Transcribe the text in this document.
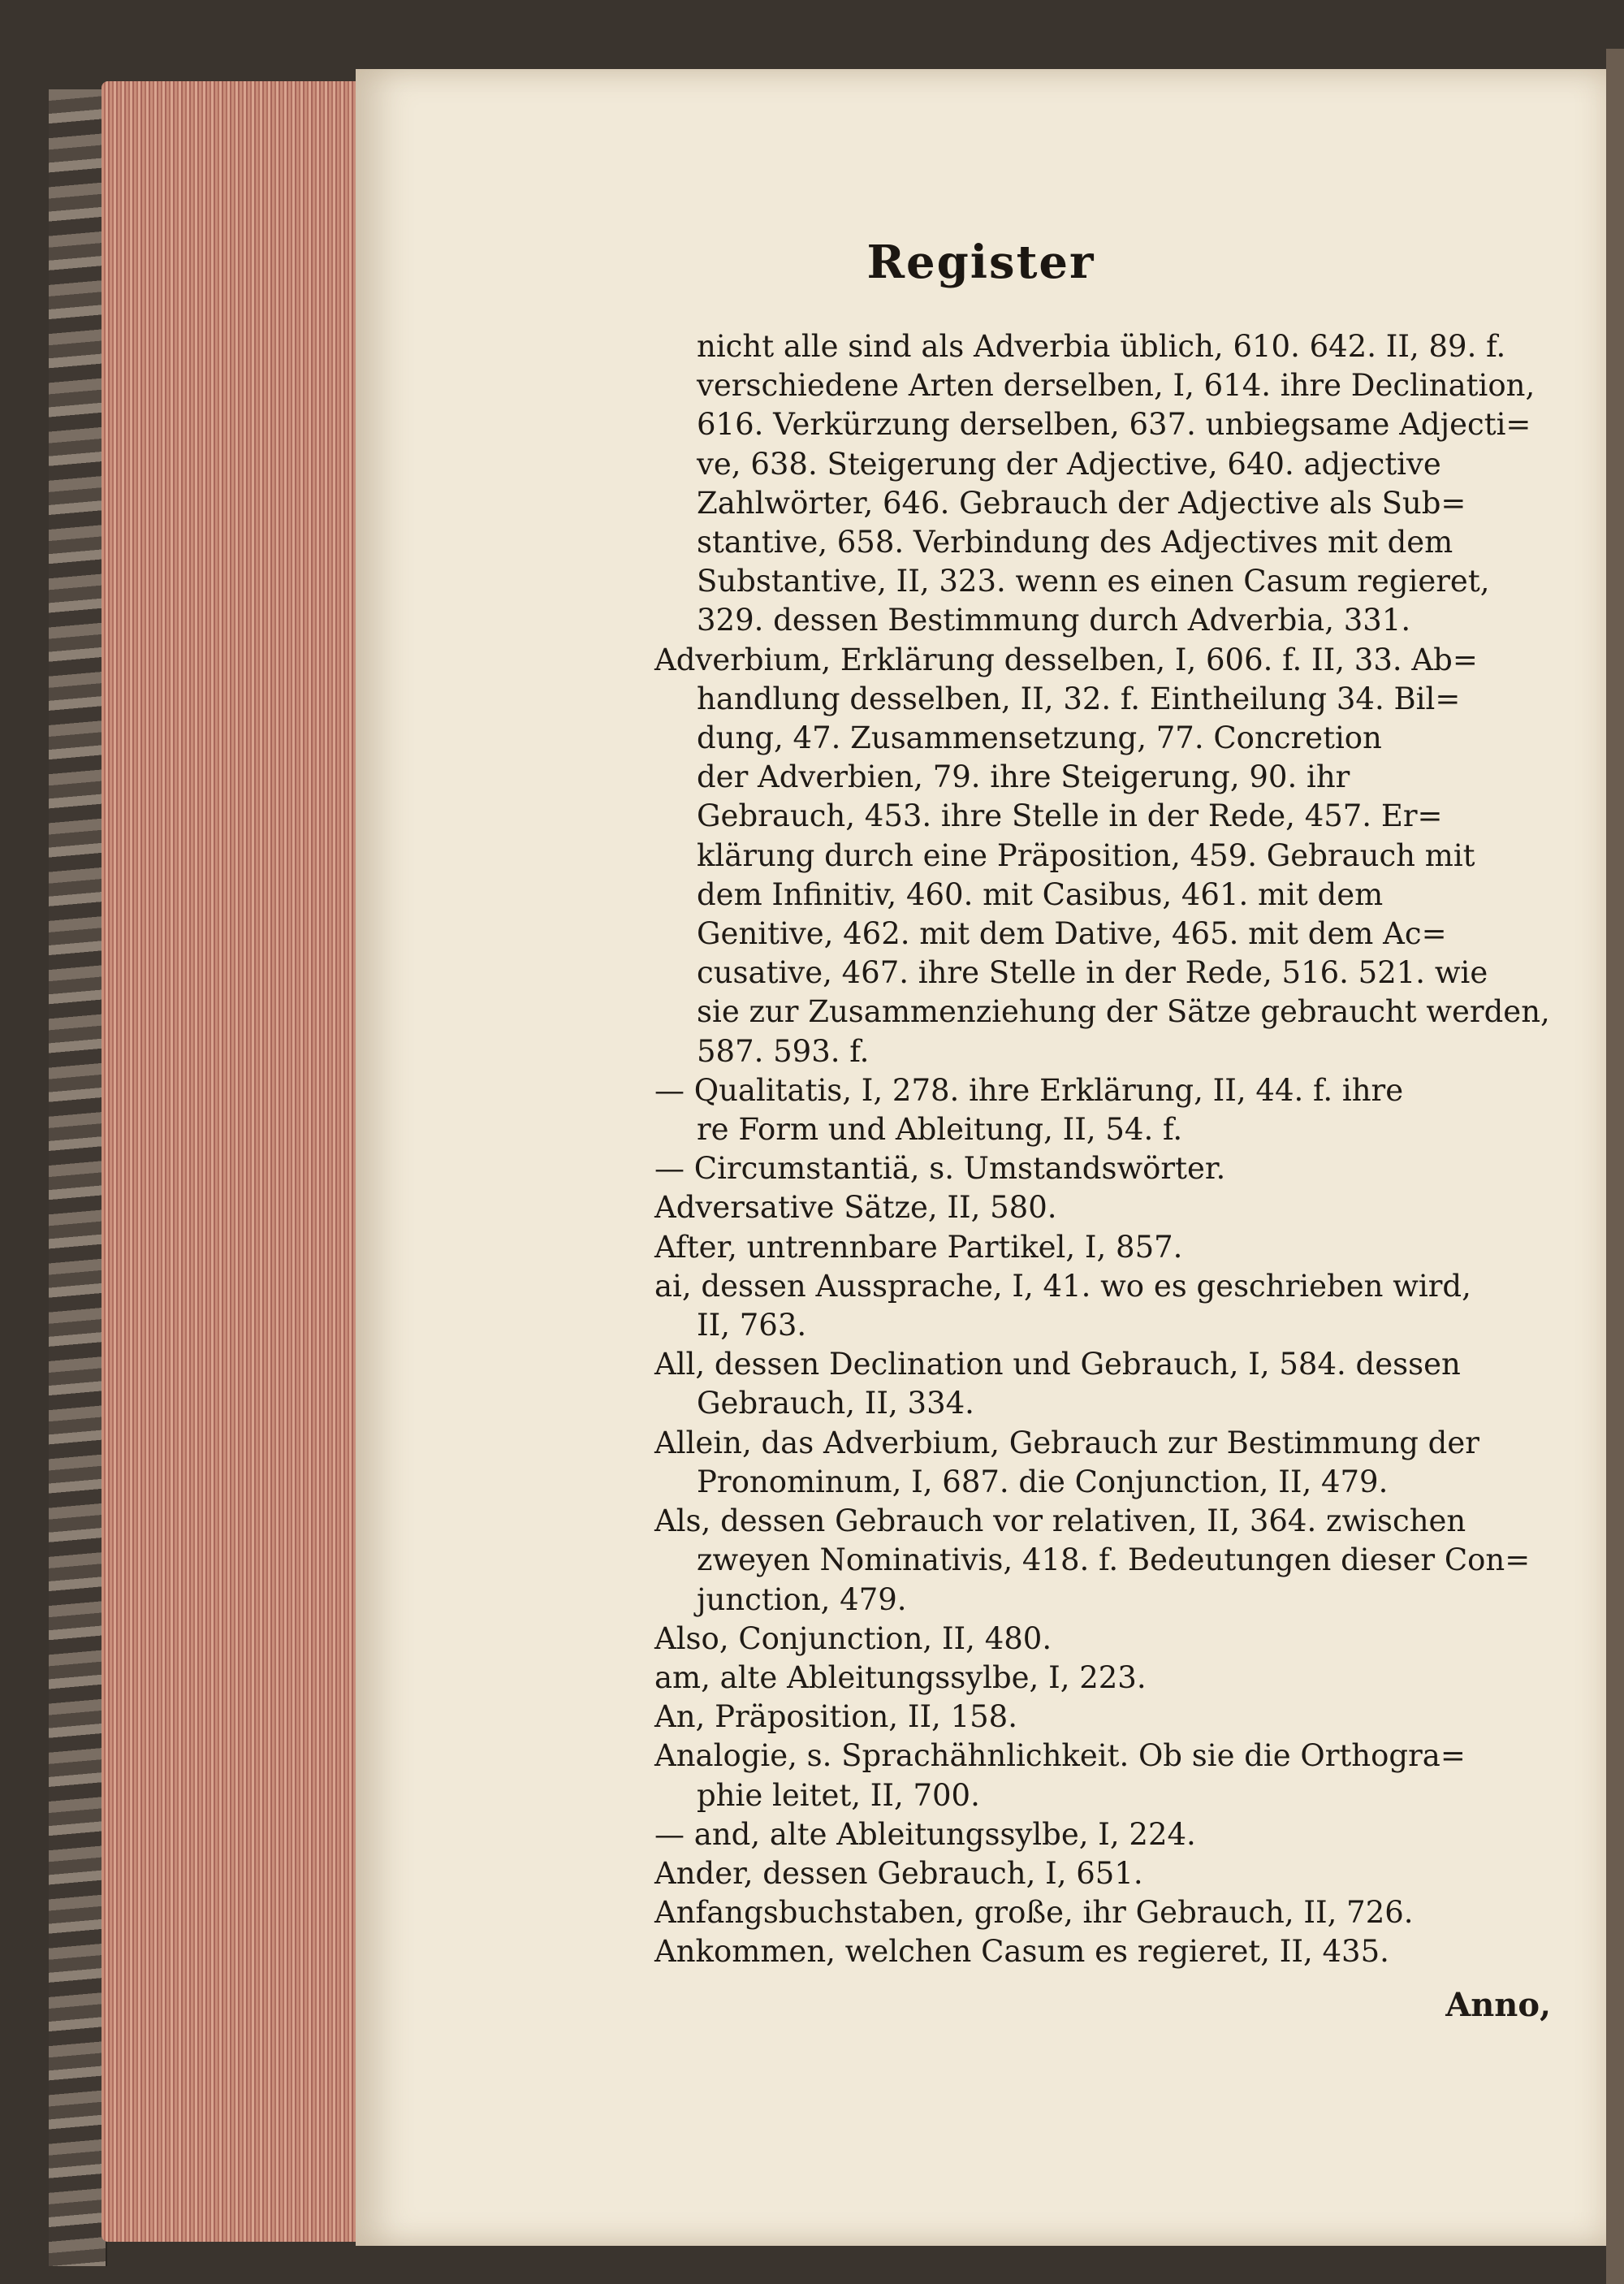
Register
nicht alle sind als Adverbia üblich, 610. 642. II, 89. f.
verschiedene Arten derselben, I, 614. ihre Declination,
616. Verkürzung derselben, 637. unbiegsame Adjecti=
ve, 638. Steigerung der Adjective, 640. adjective
Zahlwörter, 646. Gebrauch der Adjective als Sub=
stantive, 658. Verbindung des Adjectives mit dem
Substantive, II, 323. wenn es einen Casum regieret,
329. dessen Bestimmung durch Adverbia, 331.
Adverbium, Erklärung desselben, I, 606. f. II, 33. Ab=
handlung desselben, II, 32. f. Eintheilung 34. Bil=
dung, 47. Zusammensetzung, 77. Concretion
der Adverbien, 79. ihre Steigerung, 90. ihr
Gebrauch, 453. ihre Stelle in der Rede, 457. Er=
klärung durch eine Präposition, 459. Gebrauch mit
dem Infinitiv, 460. mit Casibus, 461. mit dem
Genitive, 462. mit dem Dative, 465. mit dem Ac=
cusative, 467. ihre Stelle in der Rede, 516. 521. wie
sie zur Zusammenziehung der Sätze gebraucht werden,
587. 593. f.
— Qualitatis, I, 278. ihre Erklärung, II, 44. f. ihre
re Form und Ableitung, II, 54. f.
— Circumstantiä, s. Umstandswörter.
Adversative Sätze, II, 580.
After, untrennbare Partikel, I, 857.
ai, dessen Aussprache, I, 41. wo es geschrieben wird,
II, 763.
All, dessen Declination und Gebrauch, I, 584. dessen
Gebrauch, II, 334.
Allein, das Adverbium, Gebrauch zur Bestimmung der
Pronominum, I, 687. die Conjunction, II, 479.
Als, dessen Gebrauch vor relativen, II, 364. zwischen
zweyen Nominativis, 418. f. Bedeutungen dieser Con=
junction, 479.
Also, Conjunction, II, 480.
am, alte Ableitungssylbe, I, 223.
An, Präposition, II, 158.
Analogie, s. Sprachähnlichkeit. Ob sie die Orthogra=
phie leitet, II, 700.
— and, alte Ableitungssylbe, I, 224.
Ander, dessen Gebrauch, I, 651.
Anfangsbuchstaben, große, ihr Gebrauch, II, 726.
Ankommen, welchen Casum es regieret, II, 435.
Anno,
